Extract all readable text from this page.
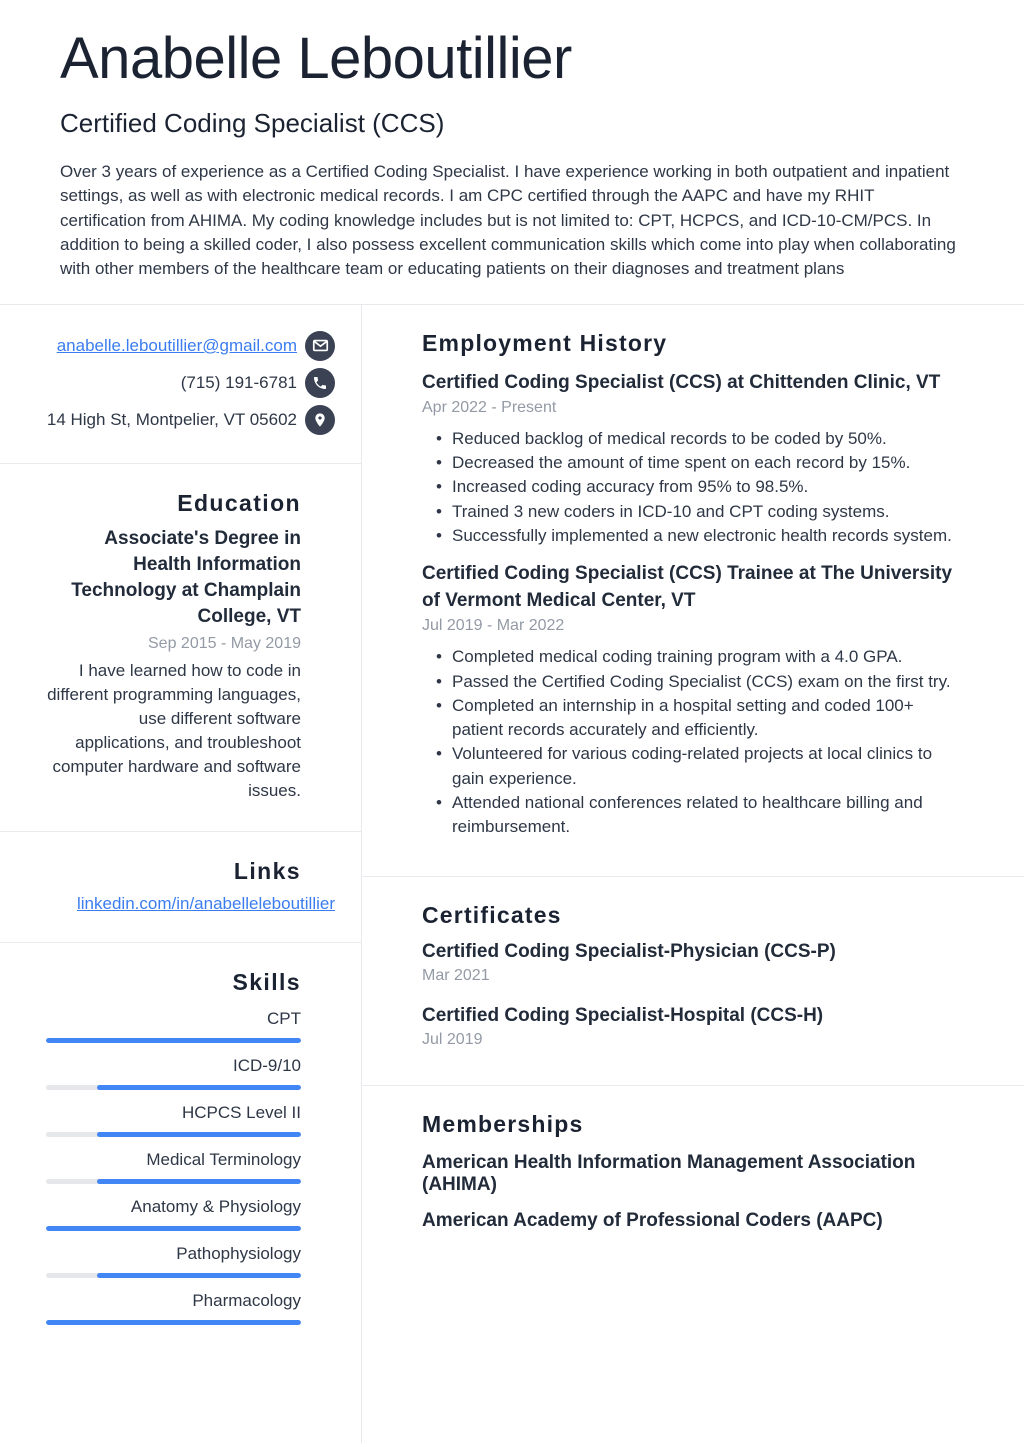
Anabelle Leboutillier
Certified Coding Specialist (CCS)
Over 3 years of experience as a Certified Coding Specialist. I have experience working in both outpatient and inpatient settings, as well as with electronic medical records. I am CPC certified through the AAPC and have my RHIT certification from AHIMA. My coding knowledge includes but is not limited to: CPT, HCPCS, and ICD-10-CM/PCS. In addition to being a skilled coder, I also possess excellent communication skills which come into play when collaborating with other members of the healthcare team or educating patients on their diagnoses and treatment plans
anabelle.leboutillier@gmail.com
(715) 191-6781
14 High St, Montpelier, VT 05602
Education
Associate's Degree in Health Information Technology at Champlain College, VT
Sep 2015 - May 2019
I have learned how to code in different programming languages, use different software applications, and troubleshoot computer hardware and software issues.
Links
linkedin.com/in/anabelleleboutillier
Skills
CPT
ICD-9/10
HCPCS Level II
Medical Terminology
Anatomy & Physiology
Pathophysiology
Pharmacology
Employment History
Certified Coding Specialist (CCS) at Chittenden Clinic, VT
Apr 2022 - Present
• Reduced backlog of medical records to be coded by 50%.
• Decreased the amount of time spent on each record by 15%.
• Increased coding accuracy from 95% to 98.5%.
• Trained 3 new coders in ICD-10 and CPT coding systems.
• Successfully implemented a new electronic health records system.
Certified Coding Specialist (CCS) Trainee at The University of Vermont Medical Center, VT
Jul 2019 - Mar 2022
• Completed medical coding training program with a 4.0 GPA.
• Passed the Certified Coding Specialist (CCS) exam on the first try.
• Completed an internship in a hospital setting and coded 100+ patient records accurately and efficiently.
• Volunteered for various coding-related projects at local clinics to gain experience.
• Attended national conferences related to healthcare billing and reimbursement.
Certificates
Certified Coding Specialist-Physician (CCS-P)
Mar 2021
Certified Coding Specialist-Hospital (CCS-H)
Jul 2019
Memberships
American Health Information Management Association (AHIMA)
American Academy of Professional Coders (AAPC)
